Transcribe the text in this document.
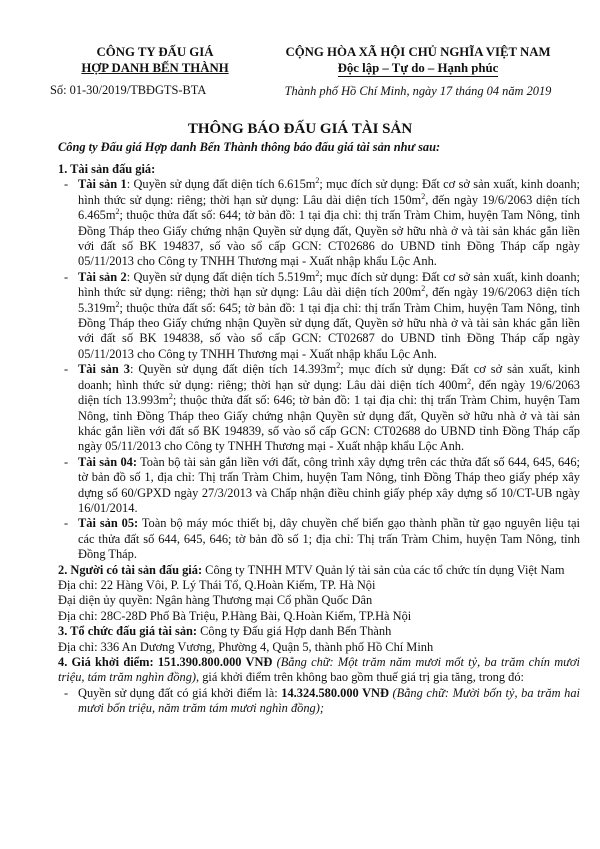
CÔNG TY ĐẤU GIÁ
HỢP DANH BẾN THÀNH
Số: 01-30/2019/TBĐGTS-BTA
CỘNG HÒA XÃ HỘI CHỦ NGHĨA VIỆT NAM
Độc lập – Tự do – Hạnh phúc
Thành phố Hồ Chí Minh, ngày 17 tháng 04 năm 2019
THÔNG BÁO ĐẤU GIÁ TÀI SẢN
Công ty Đấu giá Hợp danh Bến Thành thông báo đấu giá tài sản như sau:

1. Tài sản đấu giá:

- Tài sản 1: Quyền sử dụng đất diện tích $6.615m^2$; mục đích sử dụng: Đất cơ sở sản xuất, kinh doanh; hình thức sử dụng: riêng; thời hạn sử dụng: Lâu dài diện tích $150m^2$, đến ngày 19/6/2063 diện tích $6.465m^2$; thuộc thửa đất số: 644; tờ bản đồ: 1 tại địa chỉ: thị trấn Tràm Chim, huyện Tam Nông, tỉnh Đồng Tháp theo Giấy chứng nhận Quyền sử dụng đất, Quyền sở hữu nhà ở và tài sản khác gắn liền với đất số BK 194837, số vào sổ cấp GCN: CT02686 do UBND tỉnh Đồng Tháp cấp ngày 05/11/2013 cho Công ty TNHH Thương mại - Xuất nhập khẩu Lộc Anh.

- Tài sản 2: Quyền sử dụng đất diện tích $5.519m^2$; mục đích sử dụng: Đất cơ sở sản xuất, kinh doanh; hình thức sử dụng: riêng; thời hạn sử dụng: Lâu dài diện tích $200m^2$, đến ngày 19/6/2063 diện tích $5.319m^2$; thuộc thửa đất số: 645; tờ bản đồ: 1 tại địa chỉ: thị trấn Tràm Chim, huyện Tam Nông, tỉnh Đồng Tháp theo Giấy chứng nhận Quyền sử dụng đất, Quyền sở hữu nhà ở và tài sản khác gắn liền với đất số BK 194838, số vào sổ cấp GCN: CT02687 do UBND tỉnh Đồng Tháp cấp ngày 05/11/2013 cho Công ty TNHH Thương mại - Xuất nhập khẩu Lộc Anh.

- Tài sản 3: Quyền sử dụng đất diện tích $14.393m^2$; mục đích sử dụng: Đất cơ sở sản xuất, kinh doanh; hình thức sử dụng: riêng; thời hạn sử dụng: Lâu dài diện tích $400m^2$, đến ngày 19/6/2063 diện tích $13.993m^2$; thuộc thửa đất số: 646; tờ bản đồ: 1 tại địa chỉ: thị trấn Tràm Chim, huyện Tam Nông, tỉnh Đồng Tháp theo Giấy chứng nhận Quyền sử dụng đất, Quyền sở hữu nhà ở và tài sản khác gắn liền với đất số BK 194839, số vào sổ cấp GCN: CT02688 do UBND tỉnh Đồng Tháp cấp ngày 05/11/2013 cho Công ty TNHH Thương mại - Xuất nhập khẩu Lộc Anh.

- Tài sản 04: Toàn bộ tài sản gắn liền với đất, công trình xây dựng trên các thửa đất số 644, 645, 646; tờ bản đồ số 1, địa chỉ: Thị trấn Tràm Chim, huyện Tam Nông, tỉnh Đồng Tháp theo giấy phép xây dựng số 60/GPXD ngày 27/3/2013 và Chấp nhận điều chỉnh giấy phép xây dựng số 10/CT-UB ngày 16/01/2014.

- Tài sản 05: Toàn bộ máy móc thiết bị, dây chuyền chế biến gạo thành phần từ gạo nguyên liệu tại các thửa đất số 644, 645, 646; tờ bản đồ số 1; địa chỉ: Thị trấn Tràm Chim, huyện Tam Nông, tỉnh Đồng Tháp.

2. Người có tài sản đấu giá: Công ty TNHH MTV Quản lý tài sản của các tổ chức tín dụng Việt Nam

Địa chỉ: 22 Hàng Vôi, P. Lý Thái Tổ, Q.Hoàn Kiếm, TP. Hà Nội

Đại diện ủy quyền: Ngân hàng Thương mại Cổ phần Quốc Dân

Địa chỉ: 28C-28D Phố Bà Triệu, P.Hàng Bài, Q.Hoàn Kiếm, TP.Hà Nội

3. Tổ chức đấu giá tài sản: Công ty Đấu giá Hợp danh Bến Thành

Địa chỉ: 336 An Dương Vương, Phường 4, Quận 5, thành phố Hồ Chí Minh

4. Giá khởi điểm: 151.390.800.000 VNĐ (Bằng chữ: Một trăm năm mươi mốt tỷ, ba trăm chín mươi triệu, tám trăm nghìn đồng), giá khởi điểm trên không bao gồm thuế giá trị gia tăng, trong đó:

- Quyền sử dụng đất có giá khởi điểm là: 14.324.580.000 VNĐ (Bằng chữ: Mười bốn tỷ, ba trăm hai mươi bốn triệu, năm trăm tám mươi nghìn đồng);
